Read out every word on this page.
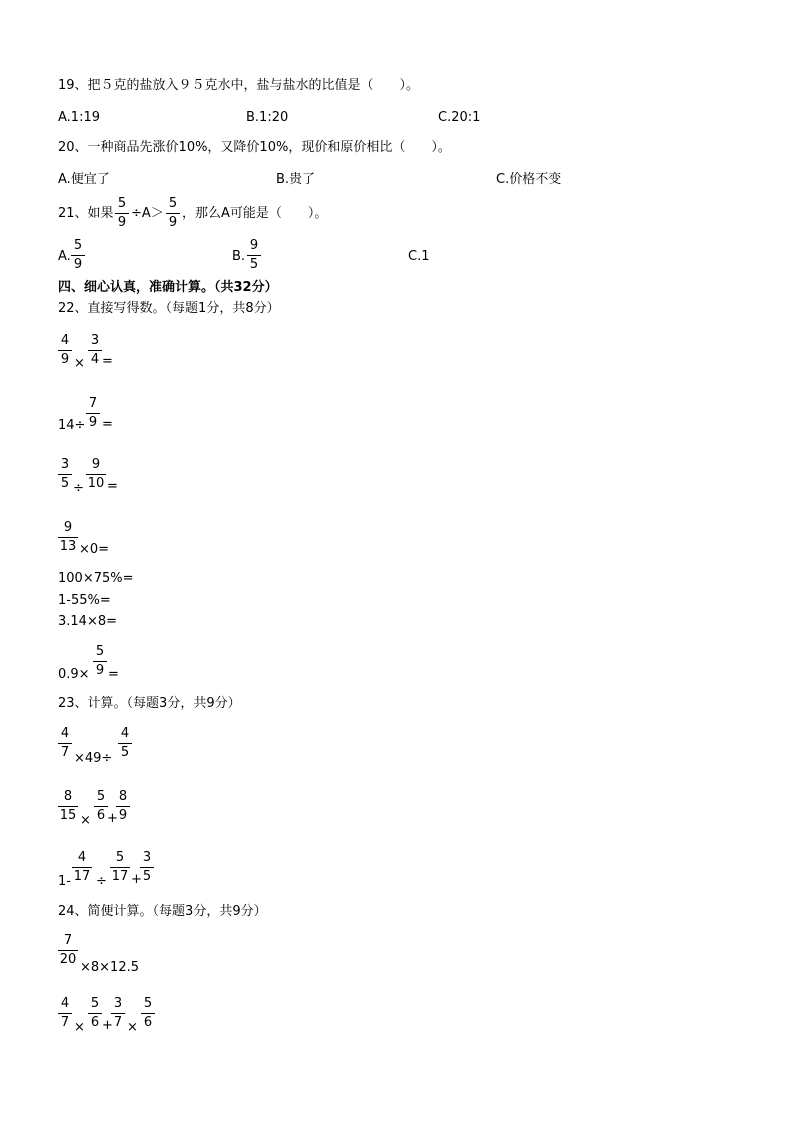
19、把５克的盐放入９５克水中，盐与盐水的比值是（　　）。
A.1:19	B.1:20	C.20:1
20、一种商品先涨价10%，又降价10%，现价和原价相比（　　）。
A.便宜了	B.贵了	C.价格不变
21、如果
5
9
÷A＞
5
9
，那么A可能是（　　）。
A.
5
9
B.
9
5
C.1
四、细心认真，准确计算。（共32分）
22、直接写得数。（每题1分，共8分）
4
9 ×
3
4 =
14÷
7
9 =
3
5 ÷
9
10 =
9
13 ×0=
100×75%=
1-55%=
3.14×8=
0.9×
5
9 =
23、计算。（每题3分，共9分）
4
7 ×49÷
4
5
8
15 ×
5
6 +
8
9
1-
4
17 ÷
5
17 +
3
5
24、简便计算。（每题3分，共9分）
7
20
×8×12.5
4
7 ×
5
6 +
3
7 ×
5
6
